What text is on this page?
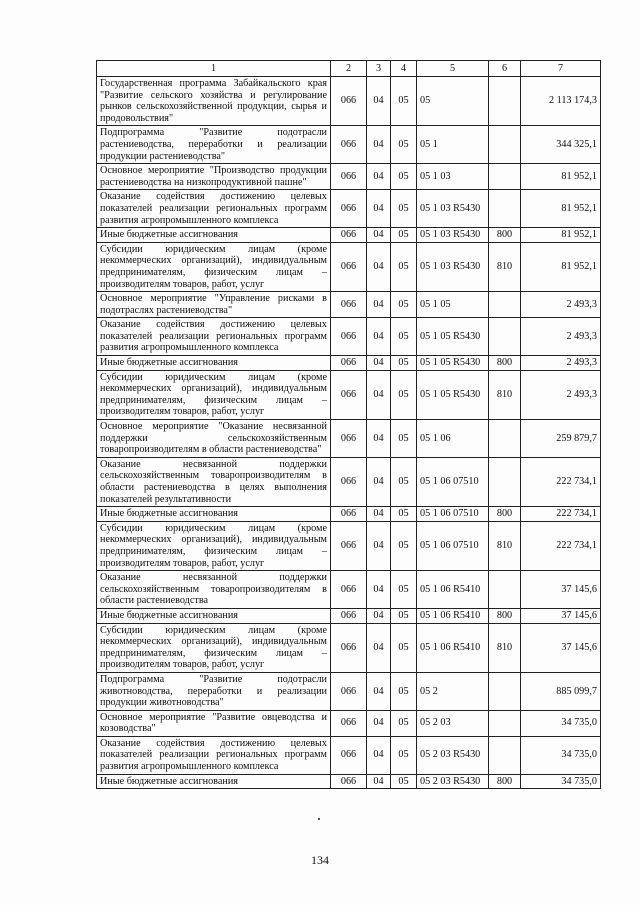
1	2	3	4	5	6	7
Государственная программа Забайкальского края "Развитие сельского хозяйства и регулирование рынков сельскохозяйственной продукции, сырья и продовольствия"	066	04	05	05		2 113 174,3
Подпрограмма "Развитие подотрасли растениеводства, переработки и реализации продукции растениеводства"	066	04	05	05 1		344 325,1
Основное мероприятие "Производство продукции растениеводства на низкопродуктивной пашне"	066	04	05	05 1 03		81 952,1
Оказание содействия достижению целевых показателей реализации региональных программ развития агропромышленного комплекса	066	04	05	05 1 03 R5430		81 952,1
Иные бюджетные ассигнования	066	04	05	05 1 03 R5430	800	81 952,1
Субсидии юридическим лицам (кроме некоммерческих организаций), индивидуальным предпринимателям, физическим лицам – производителям товаров, работ, услуг	066	04	05	05 1 03 R5430	810	81 952,1
Основное мероприятие "Управление рисками в подотраслях растениеводства"	066	04	05	05 1 05		2 493,3
Оказание содействия достижению целевых показателей реализации региональных программ развития агропромышленного комплекса	066	04	05	05 1 05 R5430		2 493,3
Иные бюджетные ассигнования	066	04	05	05 1 05 R5430	800	2 493,3
Субсидии юридическим лицам (кроме некоммерческих организаций), индивидуальным предпринимателям, физическим лицам – производителям товаров, работ, услуг	066	04	05	05 1 05 R5430	810	2 493,3
Основное мероприятие "Оказание несвязанной поддержки сельскохозяйственным товаропроизводителям в области растениеводства"	066	04	05	05 1 06		259 879,7
Оказание несвязанной поддержки сельскохозяйственным товаропроизводителям в области растениеводства в целях выполнения показателей результативности	066	04	05	05 1 06 07510		222 734,1
Иные бюджетные ассигнования	066	04	05	05 1 06 07510	800	222 734,1
Субсидии юридическим лицам (кроме некоммерческих организаций), индивидуальным предпринимателям, физическим лицам – производителям товаров, работ, услуг	066	04	05	05 1 06 07510	810	222 734,1
Оказание несвязанной поддержки сельскохозяйственным товаропроизводителям в области растениеводства	066	04	05	05 1 06 R5410		37 145,6
Иные бюджетные ассигнования	066	04	05	05 1 06 R5410	800	37 145,6
Субсидии юридическим лицам (кроме некоммерческих организаций), индивидуальным предпринимателям, физическим лицам – производителям товаров, работ, услуг	066	04	05	05 1 06 R5410	810	37 145,6
Подпрограмма "Развитие подотрасли животноводства, переработки и реализации продукции животноводства"	066	04	05	05 2		885 099,7
Основное мероприятие "Развитие овцеводства и козоводства"	066	04	05	05 2 03		34 735,0
Оказание содействия достижению целевых показателей реализации региональных программ развития агропромышленного комплекса	066	04	05	05 2 03 R5430		34 735,0
Иные бюджетные ассигнования	066	04	05	05 2 03 R5430	800	34 735,0
134
